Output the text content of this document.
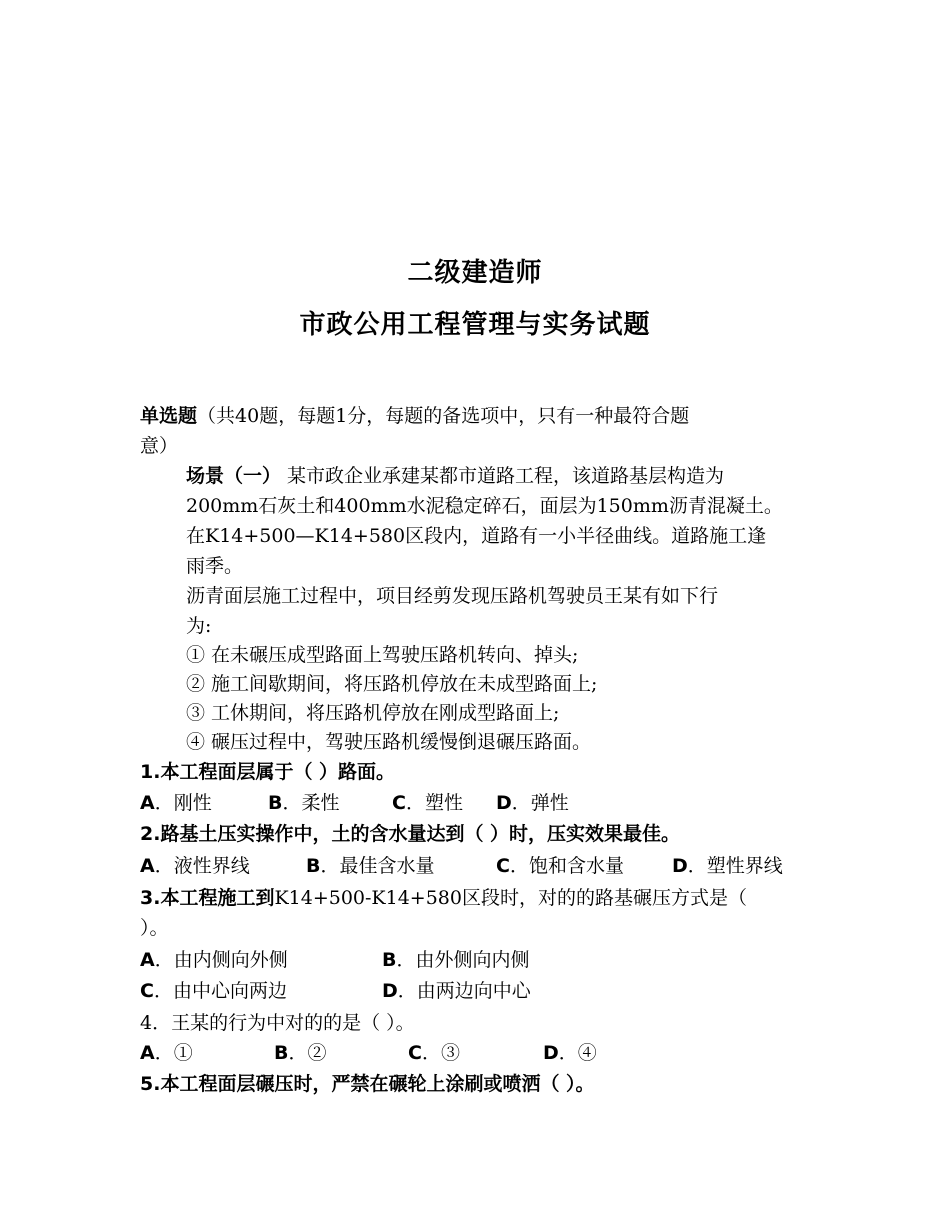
二级建造师
市政公用工程管理与实务试题
单选题（共40题，每题1分，每题的备选项中，只有一种最符合题
意）
场景（一） 某市政企业承建某都市道路工程，该道路基层构造为
200mm石灰土和400mm水泥稳定碎石，面层为150mm沥青混凝土。
在K14+500—K14+580区段内，道路有一小半径曲线。道路施工逢
雨季。
沥青面层施工过程中，项目经剪发现压路机驾驶员王某有如下行
为:
① 在未碾压成型路面上驾驶压路机转向、掉头;
② 施工间歇期间，将压路机停放在未成型路面上;
③ 工休期间，将压路机停放在刚成型路面上;
④ 碾压过程中，驾驶压路机缓慢倒退碾压路面。
1.本工程面层属于（ ）路面。
A．刚性	B．柔性	C．塑性 D．弹性
2.路基土压实操作中，土的含水量达到（ ）时，压实效果最佳。
A．液性界线	B．最佳含水量	C．饱和含水量	D．塑性界线
3.本工程施工到K14+500-K14+580区段时，对的的路基碾压方式是（
）。
A．由内侧向外侧	B．由外侧向内侧
C．由中心向两边	D．由两边向中心
4．王某的行为中对的的是（ ）。
A．①	B．②	C．③	D．④
5.本工程面层碾压时，严禁在碾轮上涂刷或喷洒（ ）。
